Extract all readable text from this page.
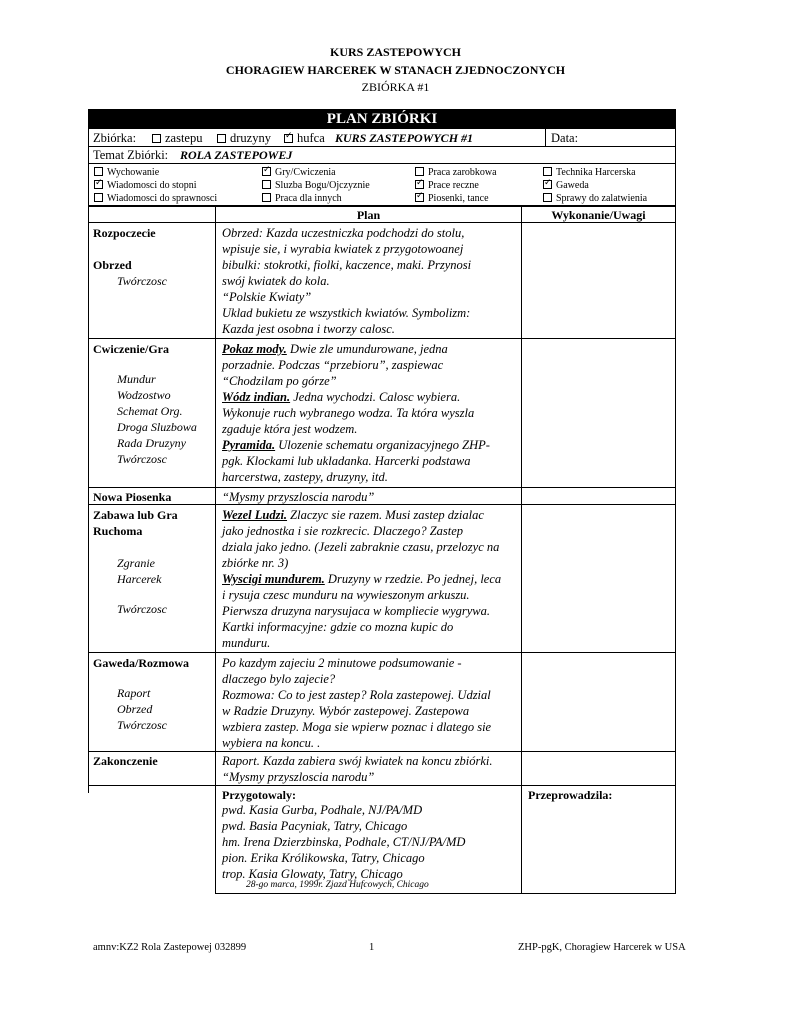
KURS ZASTEPOWYCH
CHORAGIEW HARCEREK W STANACH ZJEDNOCZONYCH
ZBIÓRKA #1
PLAN ZBIÓRKI
Zbiórka:	zastepu	druzyny
✓	hufca KURS ZASTEPOWYCH #1	Data:
Temat Zbiórki: ROLA ZASTEPOWEJ
Wychowanie
✓Wiadomosci do stopni
Wiadomosci do sprawnosci
✓Gry/Cwiczenia
Sluzba Bogu/Ojczyznie
Praca dla innych
Praca zarobkowa
✓Prace reczne
✓Piosenki, tance
Technika Harcerska
✓Gaweda
Sprawy do zalatwienia
Plan	Wykonanie/Uwagi
Rozpoczecie
Obrzed
Twórczosc
Obrzed: Kazda uczestniczka podchodzi do stolu,
wpisuje sie, i wyrabia kwiatek z przygotowoanej
bibulki: stokrotki, fiolki, kaczence, maki. Przynosi
swój kwiatek do kola.
“Polskie Kwiaty”
Uklad bukietu ze wszystkich kwiatów. Symbolizm:
Kazda jest osobna i tworzy calosc.
Cwiczenie/Gra
Mundur
Wodzostwo
Schemat Org.
Droga Sluzbowa
Rada Druzyny
Twórczosc
Pokaz mody. Dwie zle umundurowane, jedna
porzadnie. Podczas “przebioru”, zaspiewac
“Chodzilam po górze”
Wódz indian. Jedna wychodzi. Calosc wybiera.
Wykonuje ruch wybranego wodza. Ta która wyszla
zgaduje która jest wodzem.
Pyramida. Ulozenie schematu organizacyjnego ZHP-
pgk. Klockami lub ukladanka. Harcerki podstawa
harcerstwa, zastepy, druzyny, itd.
Nowa Piosenka	“Mysmy przyszloscia narodu”
Zabawa lub Gra
Ruchoma
Zgranie
Harcerek
Twórczosc
Wezel Ludzi. Zlaczyc sie razem. Musi zastep dzialac
jako jednostka i sie rozkrecic. Dlaczego? Zastep
dziala jako jedno. (Jezeli zabraknie czasu, przelozyc na
zbiórke nr. 3)
Wyscigi mundurem. Druzyny w rzedzie. Po jednej, leca
i rysuja czesc munduru na wywieszonym arkuszu.
Pierwsza druzyna narysujaca w kompliecie wygrywa.
Kartki informacyjne: gdzie co mozna kupic do
munduru.
Gaweda/Rozmowa
Raport
Obrzed
Twórczosc
Po kazdym zajeciu 2 minutowe podsumowanie -
dlaczego bylo zajecie?
Rozmowa: Co to jest zastep? Rola zastepowej. Udzial
w Radzie Druzyny. Wybór zastepowej. Zastepowa
wzbiera zastep. Moga sie wpierw poznac i dlatego sie
wybiera na koncu. .
Zakonczenie	Raport. Kazda zabiera swój kwiatek na koncu zbiórki.
“Mysmy przyszloscia narodu”
Przygotowaly:
pwd. Kasia Gurba, Podhale, NJ/PA/MD
pwd. Basia Pacyniak, Tatry, Chicago
hm. Irena Dzierzbinska, Podhale, CT/NJ/PA/MD
pion. Erika Królikowska, Tatry, Chicago
trop. Kasia Glowaty, Tatry, Chicago
28-go marca, 1999r. Zjazd Hufcowych, Chicago
Przeprowadzila:
amnv:KZ2 Rola Zastepowej 032899	1	ZHP-pgK, Choragiew Harcerek w USA
